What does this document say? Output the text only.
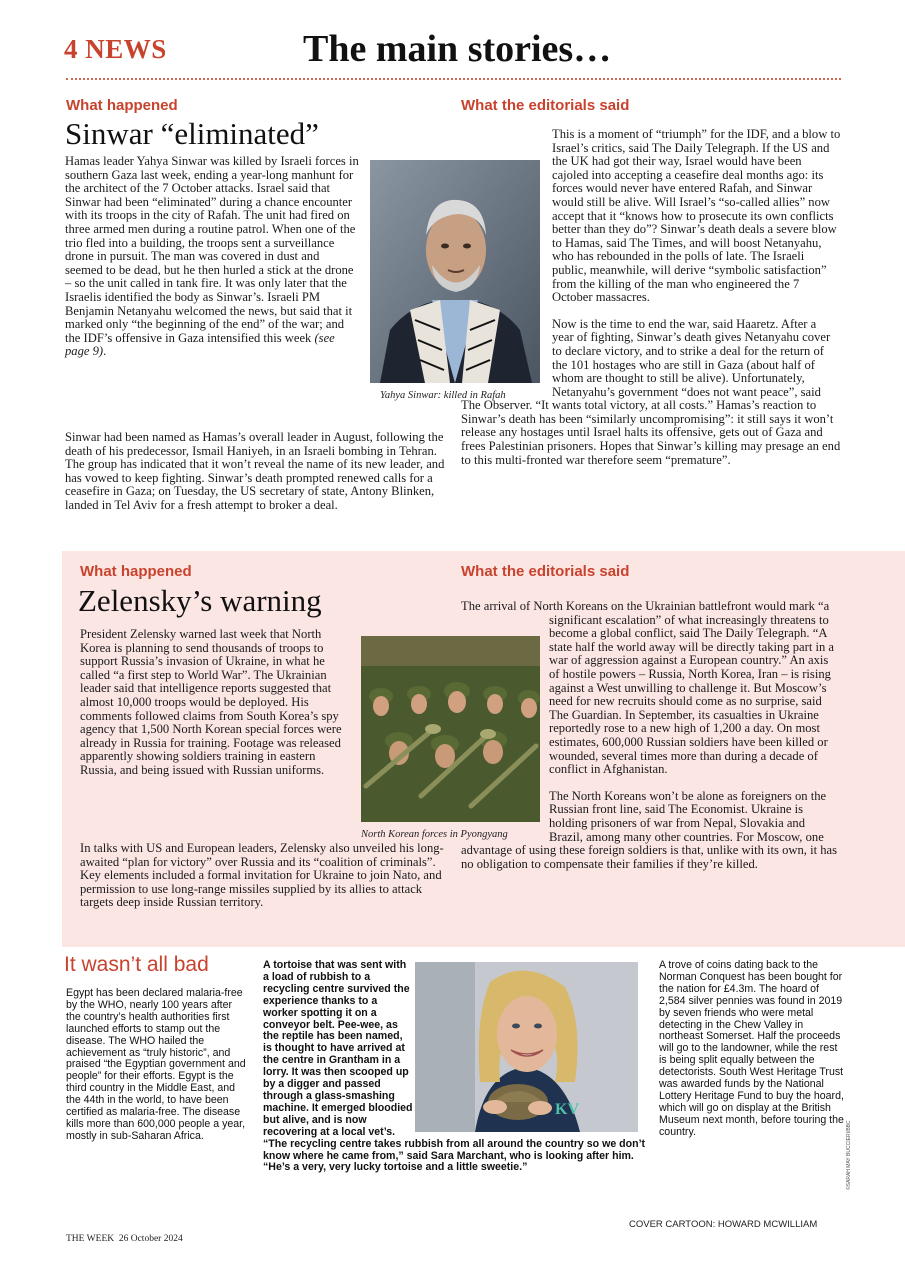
4 NEWS	The main stories…
What happened
Sinwar “eliminated”
Hamas leader Yahya Sinwar was killed by Israeli forces in southern Gaza last week, ending a year-long manhunt for the architect of the 7 October attacks. Israel said that Sinwar had been “eliminated” during a chance encounter with its troops in the city of Rafah. The unit had fired on three armed men during a routine patrol. When one of the trio fled into a building, the troops sent a surveillance drone in pursuit. The man was covered in dust and seemed to be dead, but he then hurled a stick at the drone – so the unit called in tank fire. It was only later that the Israelis identified the body as Sinwar’s. Israeli PM Benjamin Netanyahu welcomed the news, but said that it marked only “the beginning of the end” of the war; and the IDF’s offensive in Gaza intensified this week (see page 9).
Sinwar had been named as Hamas’s overall leader in August, following the death of his predecessor, Ismail Haniyeh, in an Israeli bombing in Tehran. The group has indicated that it won’t reveal the name of its new leader, and has vowed to keep fighting. Sinwar’s death prompted renewed calls for a ceasefire in Gaza; on Tuesday, the US secretary of state, Antony Blinken, landed in Tel Aviv for a fresh attempt to broker a deal.
Yahya Sinwar: killed in Rafah
What the editorials said

This is a moment of “triumph” for the IDF, and a blow to Israel’s critics, said The Daily Telegraph. If the US and the UK had got their way, Israel would have been cajoled into accepting a ceasefire deal months ago: its forces would never have entered Rafah, and Sinwar would still be alive. Will Israel’s “so-called allies” now accept that it “knows how to prosecute its own conflicts better than they do”? Sinwar’s death deals a severe blow to Hamas, said The Times, and will boost Netanyahu, who has rebounded in the polls of late. The Israeli public, meanwhile, will derive “symbolic satisfaction” from the killing of the man who engineered the 7 October massacres.

Now is the time to end the war, said Haaretz. After a year of fighting, Sinwar’s death gives Netanyahu cover to declare victory, and to strike a deal for the return of the 101 hostages who are still in Gaza (about half of whom are thought to still be alive). Unfortunately, Netanyahu’s government “does not want peace”, said The Observer. “It wants total victory, at all costs.” Hamas’s reaction to Sinwar’s death has been “similarly uncompromising”: it still says it won’t release any hostages until Israel halts its offensive, gets out of Gaza and frees Palestinian prisoners. Hopes that Sinwar’s killing may presage an end to this multi-fronted war therefore seem “premature”.

What happened
Zelensky’s warning
President Zelensky warned last week that North Korea is planning to send thousands of troops to support Russia’s invasion of Ukraine, in what he called “a first step to World War”. The Ukrainian leader said that intelligence reports suggested that almost 10,000 troops would be deployed. His comments followed claims from South Korea’s spy agency that 1,500 North Korean special forces were already in Russia for training. Footage was released apparently showing soldiers training in eastern Russia, and being issued with Russian uniforms.
In talks with US and European leaders, Zelensky also unveiled his long-awaited “plan for victory” over Russia and its “coalition of criminals”. Key elements included a formal invitation for Ukraine to join Nato, and permission to use long-range missiles supplied by its allies to attack targets deep inside Russian territory.
North Korean forces in Pyongyang
What the editorials said

The arrival of North Koreans on the Ukrainian battlefront would mark “a significant escalation” of what increasingly threatens to become a global conflict, said The Daily Telegraph. “A state half the world away will be directly taking part in a war of aggression against a European country.” An axis of hostile powers – Russia, North Korea, Iran – is rising against a West unwilling to challenge it. But Moscow’s need for new recruits should come as no surprise, said The Guardian. In September, its casualties in Ukraine reportedly rose to a new high of 1,200 a day. On most estimates, 600,000 Russian soldiers have been killed or wounded, several times more than during a decade of conflict in Afghanistan.

The North Koreans won’t be alone as foreigners on the Russian front line, said The Economist. Ukraine is holding prisoners of war from Nepal, Slovakia and Brazil, among many other countries. For Moscow, one advantage of using these foreign soldiers is that, unlike with its own, it has no obligation to compensate their families if they’re killed.

It wasn’t all bad
Egypt has been declared malaria-free by the WHO, nearly 100 years after the country’s health authorities first launched efforts to stamp out the disease. The WHO hailed the achievement as “truly historic”, and praised “the Egyptian government and people” for their efforts. Egypt is the third country in the Middle East, and the 44th in the world, to have been certified as malaria-free. The disease kills more than 600,000 people a year, mostly in sub-Saharan Africa.
A tortoise that was sent with a load of rubbish to a recycling centre survived the experience thanks to a worker spotting it on a conveyor belt. Pee-wee, as the reptile has been named, is thought to have arrived at the centre in Grantham in a lorry. It was then scooped up by a digger and passed through a glass-smashing machine. It emerged bloodied but alive, and is now recovering at a local vet’s. “The recycling centre takes rubbish from all around the country so we don’t know where he came from,” said Sara Marchant, who is looking after him. “He’s a very, very lucky tortoise and a little sweetie.”
KV
A trove of coins dating back to the Norman Conquest has been bought for the nation for £4.3m. The hoard of 2,584 silver pennies was found in 2019 by seven friends who were metal detecting in the Chew Valley in northeast Somerset. Half the proceeds will go to the landowner, while the rest is being split equally between the detectorists. South West Heritage Trust was awarded funds by the National Lottery Heritage Fund to buy the hoard, which will go on display at the British Museum next month, before touring the country.	©SARAH MAY BUCCIERI/BBC
COVER CARTOON: HOWARD MCWILLIAM
THE WEEK  26 October 2024
